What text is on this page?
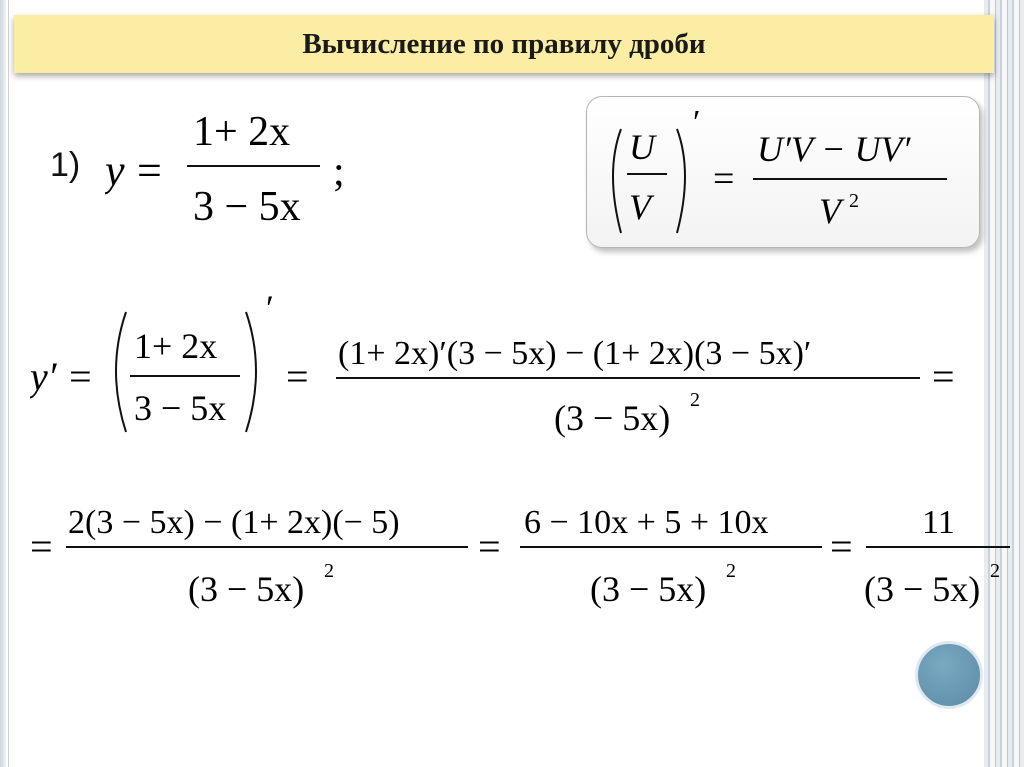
Вычисление по правилу дроби
1) y =
1+ 2x
3 − 5x
;
U
V
′
=
U′V − UV′
V 2
y′ =
1+ 2x
3 − 5x
′
=
(1+ 2x)′(3 − 5x) − (1+ 2x)(3 − 5x)′
(3 − 5x) 2
=
=
2(3 − 5x) − (1+ 2x)(− 5)
(3 − 5x) 2
=
6 − 10x + 5 + 10x
(3 − 5x) 2
=
11
(3 − 5x) 2
